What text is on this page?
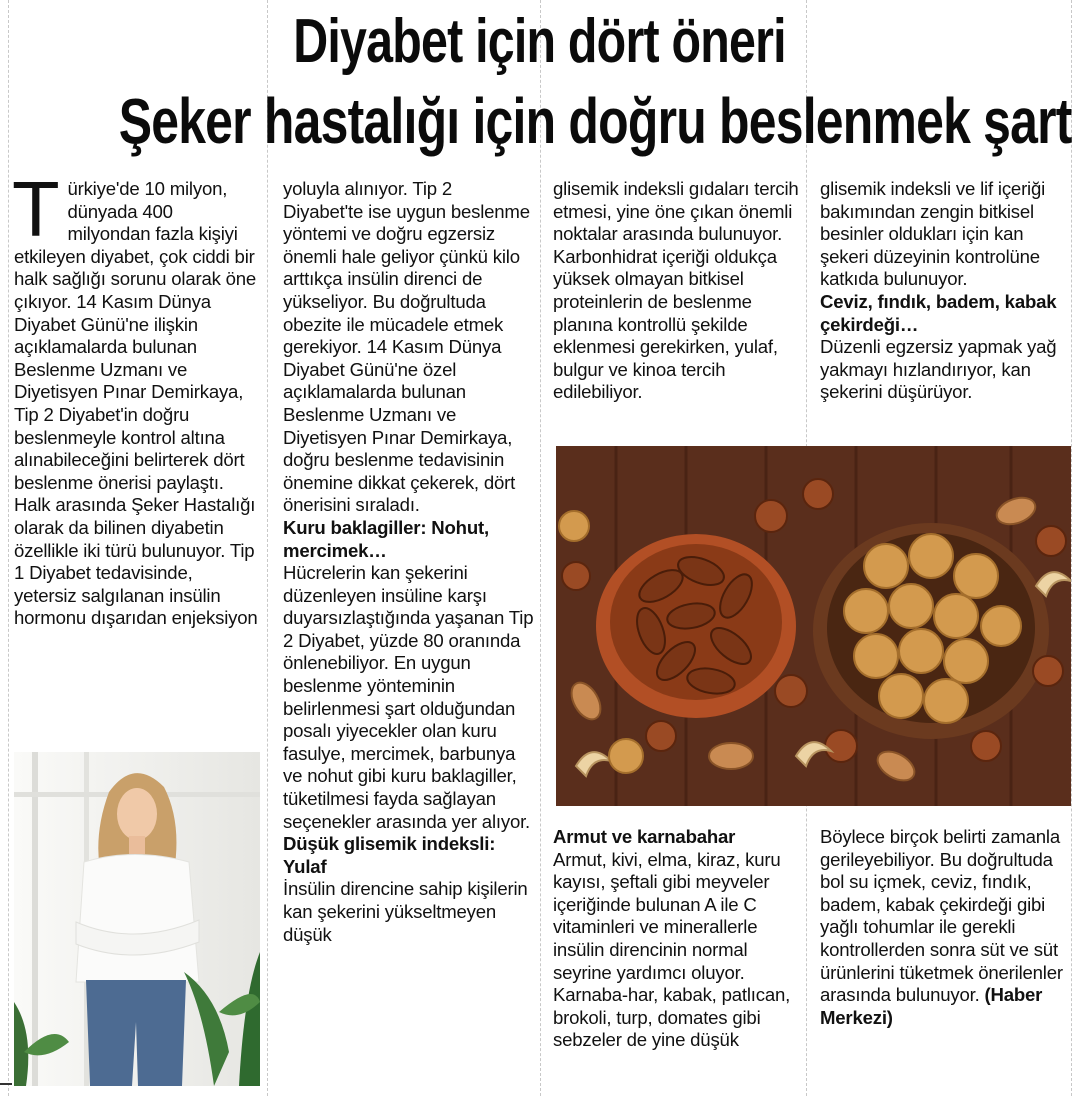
Diyabet için dört öneri
Şeker hastalığı için doğru beslenmek şart

Türkiye'de 10 milyon, dünyada 400 milyondan fazla kişiyi etkileyen diyabet, çok ciddi bir halk sağlığı sorunu olarak öne çıkıyor. 14 Kasım Dünya Diyabet Günü'ne ilişkin açıklamalarda bulunan Beslenme Uzmanı ve Diyetisyen Pınar Demirkaya, Tip 2 Diyabet'in doğru beslenmeyle kontrol altına alınabileceğini belirterek dört beslenme önerisi paylaştı.

Halk arasında Şeker Hastalığı olarak da bilinen diyabetin özellikle iki türü bulunuyor. Tip 1 Diyabet tedavisinde, yetersiz salgılanan insülin hormonu dışarıdan enjeksiyon

yoluyla alınıyor. Tip 2 Diyabet'te ise uygun beslenme yöntemi ve doğru egzersiz önemli hale geliyor çünkü kilo arttıkça insülin direnci de yükseliyor. Bu doğrultuda obezite ile mücadele etmek gerekiyor. 14 Kasım Dünya Diyabet Günü'ne özel açıklamalarda bulunan Beslenme Uzmanı ve Diyetisyen Pınar Demirkaya, doğru beslenme tedavisinin önemine dikkat çekerek, dört önerisini sıraladı.

Kuru baklagiller: Nohut, mercimek…

Hücrelerin kan şekerini düzenleyen insüline karşı duyarsızlaştığında yaşanan Tip 2 Diyabet, yüzde 80 oranında önlenebiliyor. En uygun beslenme yönteminin belirlenmesi şart olduğundan posalı yiyecekler olan kuru fasulye, mercimek, barbunya ve nohut gibi kuru baklagiller, tüketilmesi fayda sağlayan seçenekler arasında yer alıyor.

Düşük glisemik indeksli: Yulaf

İnsülin direncine sahip kişilerin kan şekerini yükseltmeyen düşük

glisemik indeksli gıdaları tercih etmesi, yine öne çıkan önemli noktalar arasında bulunuyor. Karbonhidrat içeriği oldukça yüksek olmayan bitkisel proteinlerin de beslenme planına kontrollü şekilde eklenmesi gerekirken, yulaf, bulgur ve kinoa tercih edilebiliyor.

glisemik indeksli ve lif içeriği bakımından zengin bitkisel besinler oldukları için kan şekeri düzeyinin kontrolüne katkıda bulunuyor.

Ceviz, fındık, badem, kabak çekirdeği…

Düzenli egzersiz yapmak yağ yakmayı hızlandırıyor, kan şekerini düşürüyor.

Armut ve karnabahar

Armut, kivi, elma, kiraz, kuru kayısı, şeftali gibi meyveler içeriğinde bulunan A ile C vitaminleri ve minerallerle insülin direncinin normal seyrine yardımcı oluyor. Karnaba-har, kabak, patlıcan, brokoli, turp, domates gibi sebzeler de yine düşük

Böylece birçok belirti zamanla gerileyebiliyor. Bu doğrultuda bol su içmek, ceviz, fındık, badem, kabak çekirdeği gibi yağlı tohumlar ile gerekli kontrollerden sonra süt ve süt ürünlerini tüketmek önerilenler arasında bulunuyor. (Haber Merkezi)
